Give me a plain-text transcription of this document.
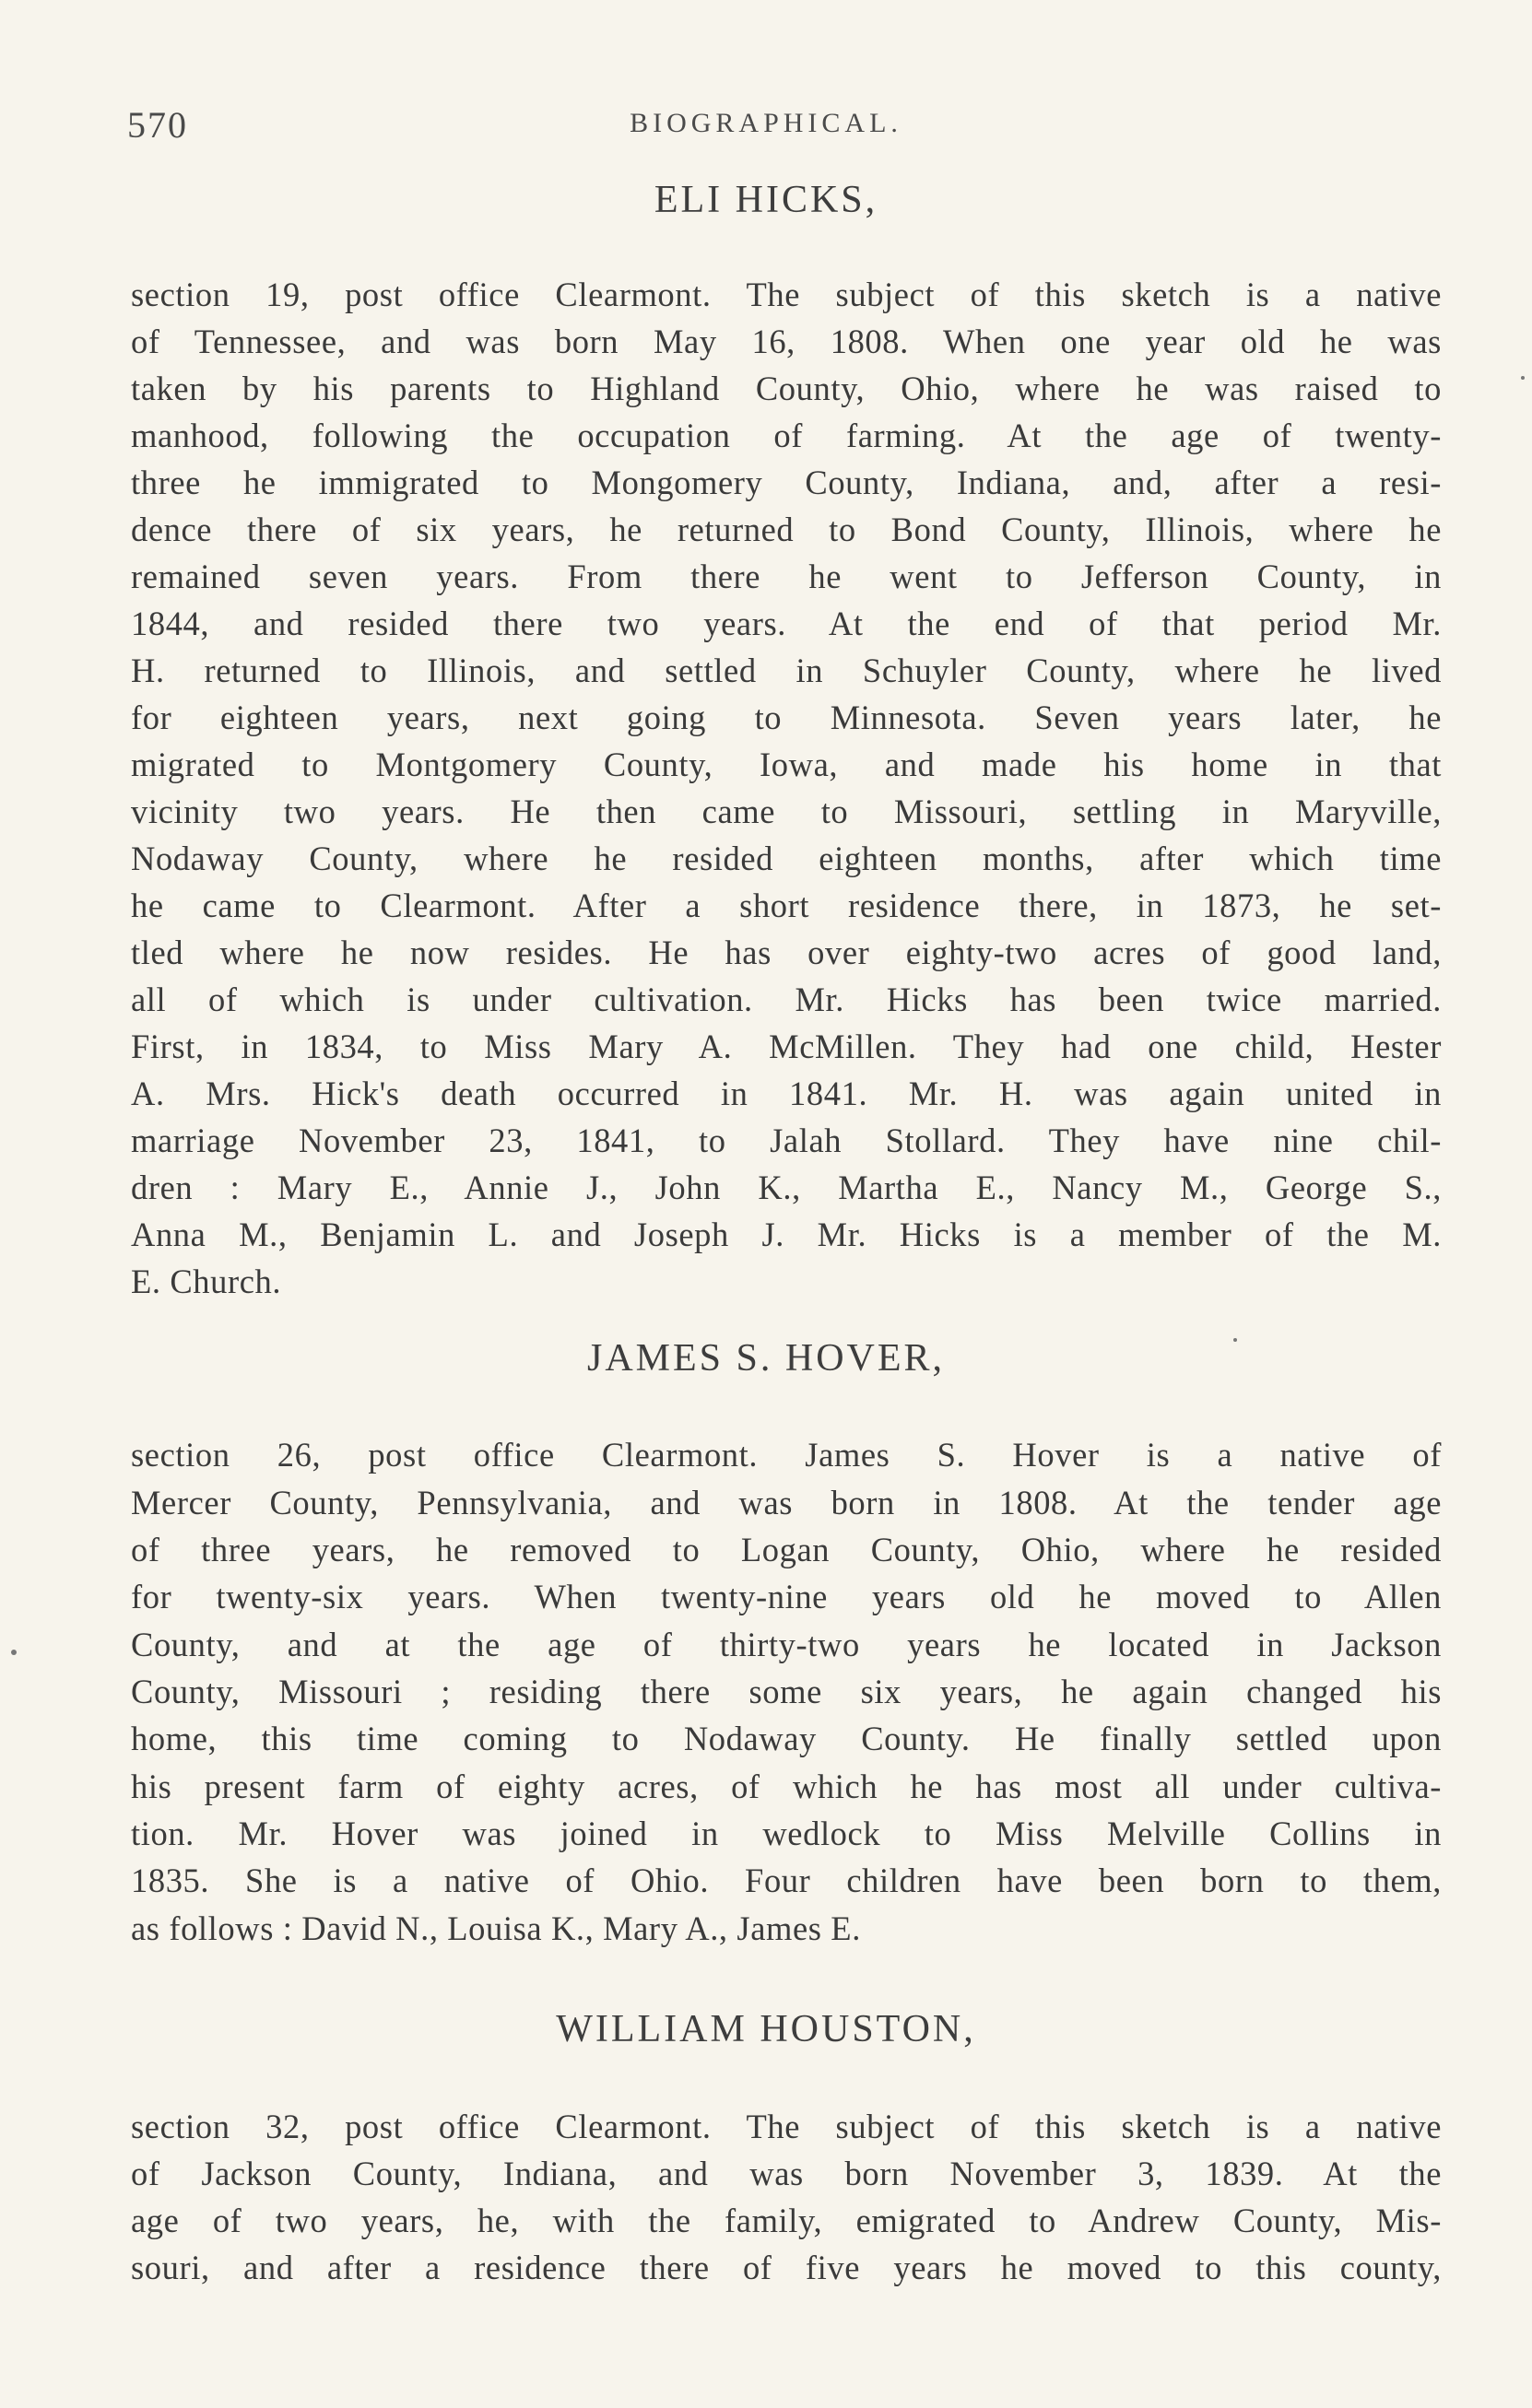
570	BIOGRAPHICAL.
ELI HICKS,
section 19, post office Clearmont. The subject of this sketch is a native
of Tennessee, and was born May 16, 1808. When one year old he was
taken by his parents to Highland County, Ohio, where he was raised to
manhood, following the occupation of farming. At the age of twenty-
three he immigrated to Mongomery County, Indiana, and, after a resi-
dence there of six years, he returned to Bond County, Illinois, where he
remained seven years. From there he went to Jefferson County, in
1844, and resided there two years. At the end of that period Mr.
H. returned to Illinois, and settled in Schuyler County, where he lived
for eighteen years, next going to Minnesota. Seven years later, he
migrated to Montgomery County, Iowa, and made his home in that
vicinity two years. He then came to Missouri, settling in Maryville,
Nodaway County, where he resided eighteen months, after which time
he came to Clearmont. After a short residence there, in 1873, he set-
tled where he now resides. He has over eighty-two acres of good land,
all of which is under cultivation. Mr. Hicks has been twice married.
First, in 1834, to Miss Mary A. McMillen. They had one child, Hester
A. Mrs. Hick's death occurred in 1841. Mr. H. was again united in
marriage November 23, 1841, to Jalah Stollard. They have nine chil-
dren : Mary E., Annie J., John K., Martha E., Nancy M., George S.,
Anna M., Benjamin L. and Joseph J. Mr. Hicks is a member of the M.
E. Church.
JAMES S. HOVER,
section 26, post office Clearmont. James S. Hover is a native of
Mercer County, Pennsylvania, and was born in 1808. At the tender age
of three years, he removed to Logan County, Ohio, where he resided
for twenty-six years. When twenty-nine years old he moved to Allen
County, and at the age of thirty-two years he located in Jackson
County, Missouri ; residing there some six years, he again changed his
home, this time coming to Nodaway County. He finally settled upon
his present farm of eighty acres, of which he has most all under cultiva-
tion. Mr. Hover was joined in wedlock to Miss Melville Collins in
1835. She is a native of Ohio. Four children have been born to them,
as follows : David N., Louisa K., Mary A., James E.
WILLIAM HOUSTON,
section 32, post office Clearmont. The subject of this sketch is a native
of Jackson County, Indiana, and was born November 3, 1839. At the
age of two years, he, with the family, emigrated to Andrew County, Mis-
souri, and after a residence there of five years he moved to this county,
